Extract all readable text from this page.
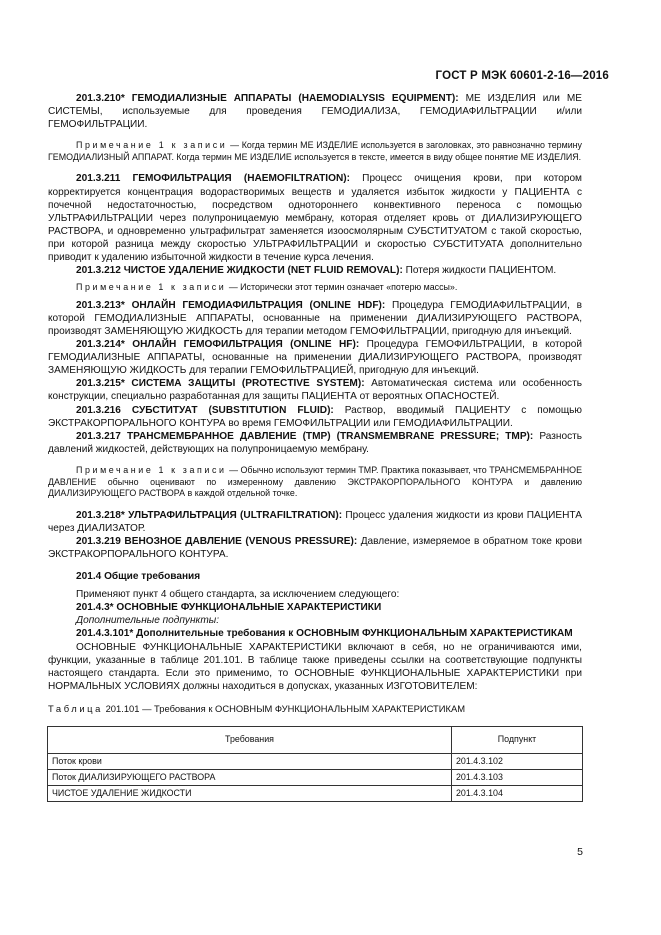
ГОСТ Р МЭК 60601-2-16—2016

201.3.210* ГЕМОДИАЛИЗНЫЕ АППАРАТЫ (HAEMODIALYSIS EQUIPMENT): МЕ ИЗДЕЛИЯ или МЕ СИСТЕМЫ, используемые для проведения ГЕМОДИАЛИЗА, ГЕМОДИАФИЛЬТРАЦИИ и/или ГЕМОФИЛЬТРАЦИИ.

Примечание 1 к записи — Когда термин МЕ ИЗДЕЛИЕ используется в заголовках, это равнозначно термину ГЕМОДИАЛИЗНЫЙ АППАРАТ. Когда термин МЕ ИЗДЕЛИЕ используется в тексте, имеется в виду общее понятие МЕ ИЗДЕЛИЯ.

201.3.211 ГЕМОФИЛЬТРАЦИЯ (HAEMOFILTRATION): Процесс очищения крови, при котором корректируется концентрация водорастворимых веществ и удаляется избыток жидкости у ПАЦИЕНТА с почечной недостаточностью, посредством однотороннего конвективного переноса с помощью УЛЬТРАФИЛЬТРАЦИИ через полупроницаемую мембрану, которая отделяет кровь от ДИАЛИЗИРУЮЩЕГО РАСТВОРА, и одновременно ультрафильтрат заменяется изоосмолярным СУБСТИТУАТОМ с такой скоростью, при которой разница между скоростью УЛЬТРАФИЛЬТРАЦИИ и скоростью СУБСТИТУАТА дополнительно приводит к удалению избыточной жидкости в течение курса лечения.

201.3.212 ЧИСТОЕ УДАЛЕНИЕ ЖИДКОСТИ (NET FLUID REMOVAL): Потеря жидкости ПАЦИЕНТОМ.

Примечание 1 к записи — Исторически этот термин означает «потерю массы».

201.3.213* ОНЛАЙН ГЕМОДИАФИЛЬТРАЦИЯ (ONLINE HDF): Процедура ГЕМОДИАФИЛЬТРАЦИИ, в которой ГЕМОДИАЛИЗНЫЕ АППАРАТЫ, основанные на применении ДИАЛИЗИРУЮЩЕГО РАСТВОРА, производят ЗАМЕНЯЮЩУЮ ЖИДКОСТЬ для терапии методом ГЕМОФИЛЬТРАЦИИ, пригодную для инъекций.

201.3.214* ОНЛАЙН ГЕМОФИЛЬТРАЦИЯ (ONLINE HF): Процедура ГЕМОФИЛЬТРАЦИИ, в которой ГЕМОДИАЛИЗНЫЕ АППАРАТЫ, основанные на применении ДИАЛИЗИРУЮЩЕГО РАСТВОРА, производят ЗАМЕНЯЮЩУЮ ЖИДКОСТЬ для терапии ГЕМОФИЛЬТРАЦИЕЙ, пригодную для инъекций.

201.3.215* СИСТЕМА ЗАЩИТЫ (PROTECTIVE SYSTEM): Автоматическая система или особенность конструкции, специально разработанная для защиты ПАЦИЕНТА от вероятных ОПАСНОСТЕЙ.

201.3.216 СУБСТИТУАТ (SUBSTITUTION FLUID): Раствор, вводимый ПАЦИЕНТУ с помощью ЭКСТРАКОРПОРАЛЬНОГО КОНТУРА во время ГЕМОФИЛЬТРАЦИИ или ГЕМОДИАФИЛЬТРАЦИИ.

201.3.217 ТРАНСМЕМБРАННОЕ ДАВЛЕНИЕ (TMP) (TRANSMEMBRANE PRESSURE; TMP): Разность давлений жидкостей, действующих на полупроницаемую мембрану.

Примечание 1 к записи — Обычно используют термин TMP. Практика показывает, что ТРАНСМЕМБРАННОЕ ДАВЛЕНИЕ обычно оценивают по измеренному давлению ЭКСТРАКОРПОРАЛЬНОГО КОНТУРА и давлению ДИАЛИЗИРУЮЩЕГО РАСТВОРА в каждой отдельной точке.

201.3.218* УЛЬТРАФИЛЬТРАЦИЯ (ULTRAFILTRATION): Процесс удаления жидкости из крови ПАЦИЕНТА через ДИАЛИЗАТОР.

201.3.219 ВЕНОЗНОЕ ДАВЛЕНИЕ (VENOUS PRESSURE): Давление, измеряемое в обратном токе крови ЭКСТРАКОРПОРАЛЬНОГО КОНТУРА.

201.4 Общие требования

Применяют пункт 4 общего стандарта, за исключением следующего:

201.4.3* ОСНОВНЫЕ ФУНКЦИОНАЛЬНЫЕ ХАРАКТЕРИСТИКИ

Дополнительные подпункты:

201.4.3.101* Дополнительные требования к ОСНОВНЫМ ФУНКЦИОНАЛЬНЫМ ХАРАКТЕРИСТИКАМ

ОСНОВНЫЕ ФУНКЦИОНАЛЬНЫЕ ХАРАКТЕРИСТИКИ включают в себя, но не ограничиваются ими, функции, указанные в таблице 201.101. В таблице также приведены ссылки на соответствующие подпункты настоящего стандарта. Если это применимо, то ОСНОВНЫЕ ФУНКЦИОНАЛЬНЫЕ ХАРАКТЕРИСТИКИ при НОРМАЛЬНЫХ УСЛОВИЯХ должны находиться в допусках, указанных ИЗГОТОВИТЕЛЕМ:

Таблица 201.101 — Требования к ОСНОВНЫМ ФУНКЦИОНАЛЬНЫМ ХАРАКТЕРИСТИКАМ

Требования	Подпункт
Поток крови	201.4.3.102
Поток ДИАЛИЗИРУЮЩЕГО РАСТВОРА	201.4.3.103
ЧИСТОЕ УДАЛЕНИЕ ЖИДКОСТИ	201.4.3.104
5
